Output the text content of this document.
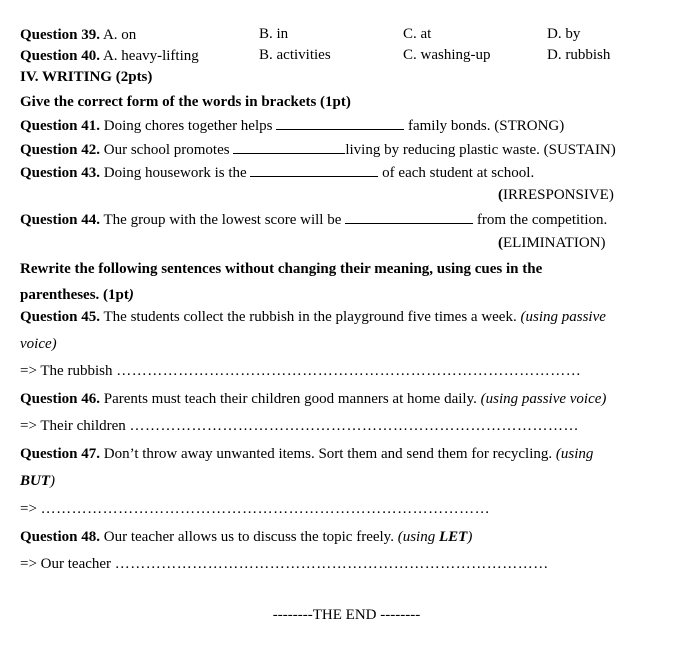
Question 39. A. on	B. in	C. at	D. by
Question 40. A. heavy-lifting	B. activities	C. washing-up	D. rubbish
IV. WRITING (2pts)
Give the correct form of the words in brackets (1pt)
Question 41. Doing chores together helps	family bonds. (STRONG)
Question 42. Our school promotes	living by reducing plastic waste. (SUSTAIN)
Question 43. Doing housework is the	of each student at school.
(IRRESPONSIVE)
Question 44. The group with the lowest score will be	from the competition.
(ELIMINATION)
Rewrite the following sentences without changing their meaning, using cues in the
parentheses. (1pt)
Question 45. The students collect the rubbish in the playground five times a week. (using passive
voice)
=> The rubbish ………………………………………………………………………………
Question 46. Parents must teach their children good manners at home daily. (using passive voice)
=> Their children ……………………………………………………………………………
Question 47. Don’t throw away unwanted items. Sort them and send them for recycling. (using
BUT)
=> ……………………………………………………………………………
Question 48. Our teacher allows us to discuss the topic freely. (using LET)
=> Our teacher …………………………………………………………………………
--------THE END --------
